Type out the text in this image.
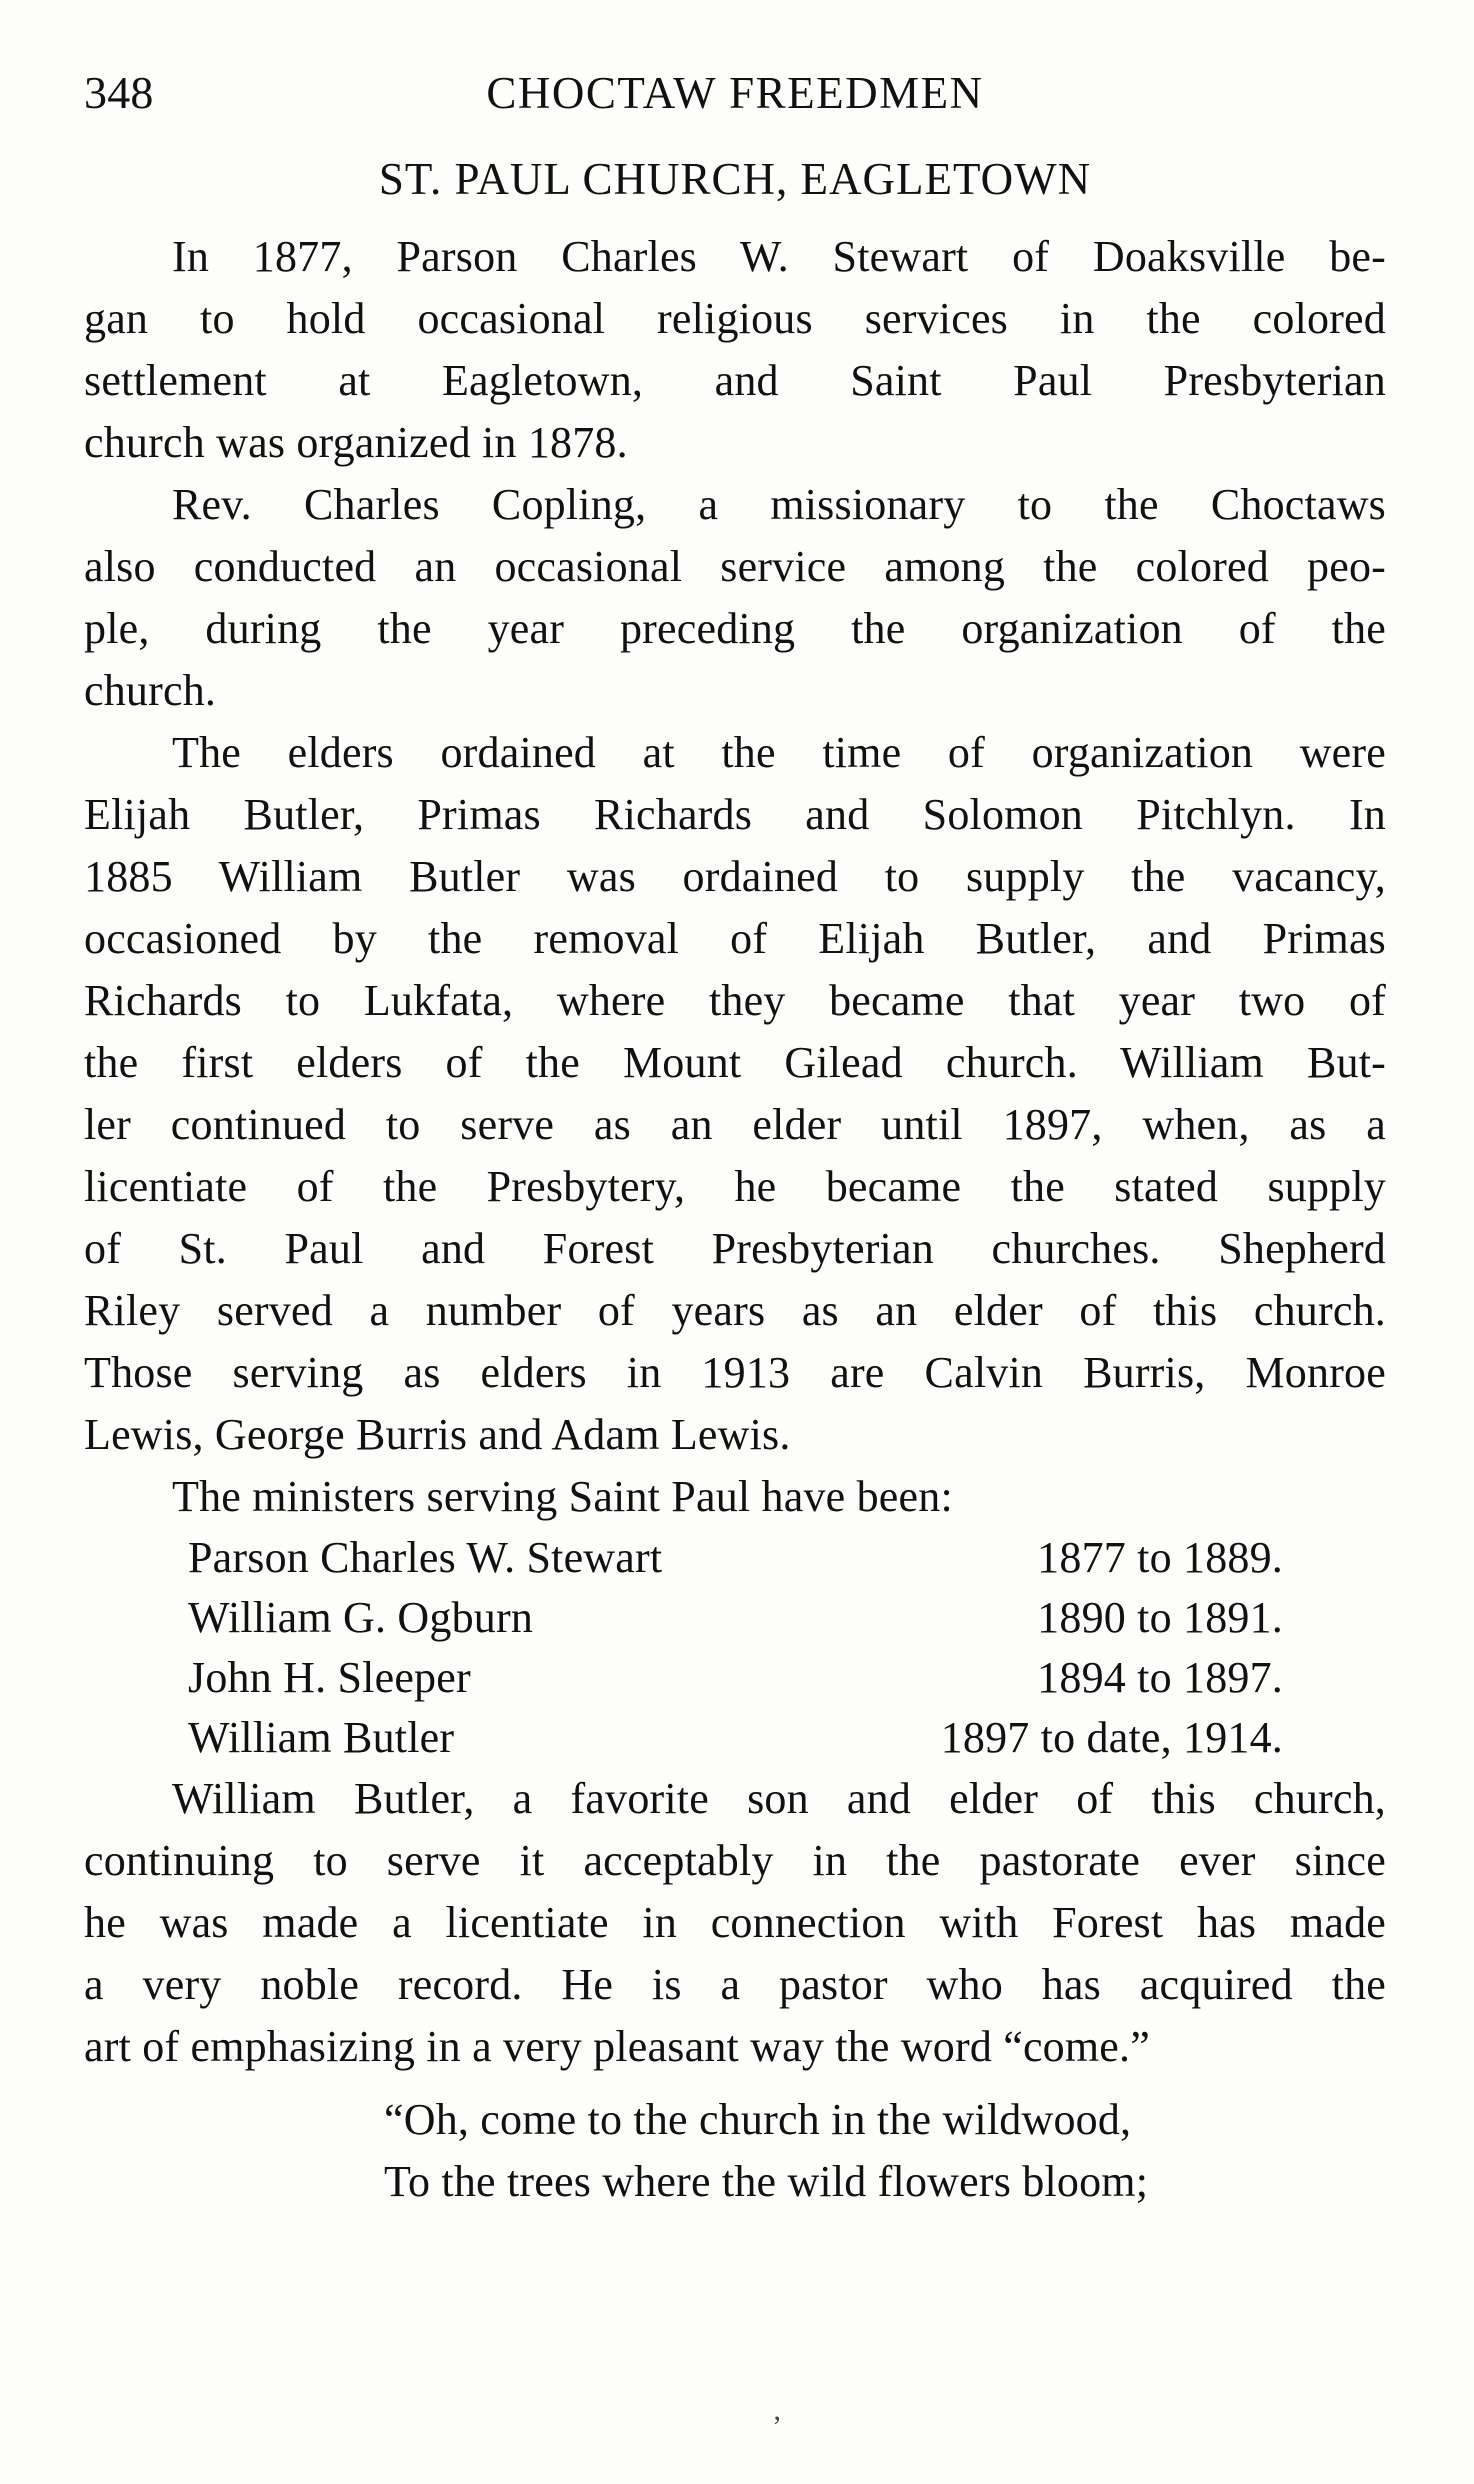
348	CHOCTAW FREEDMEN
ST. PAUL CHURCH, EAGLETOWN
In 1877, Parson Charles W. Stewart of Doaksville be-
gan to hold occasional religious services in the colored
settlement at Eagletown, and Saint Paul Presbyterian
church was organized in 1878.
Rev. Charles Copling, a missionary to the Choctaws
also conducted an occasional service among the colored peo-
ple, during the year preceding the organization of the
church.
The elders ordained at the time of organization were
Elijah Butler, Primas Richards and Solomon Pitchlyn. In
1885 William Butler was ordained to supply the vacancy,
occasioned by the removal of Elijah Butler, and Primas
Richards to Lukfata, where they became that year two of
the first elders of the Mount Gilead church. William But-
ler continued to serve as an elder until 1897, when, as a
licentiate of the Presbytery, he became the stated supply
of St. Paul and Forest Presbyterian churches. Shepherd
Riley served a number of years as an elder of this church.
Those serving as elders in 1913 are Calvin Burris, Monroe
Lewis, George Burris and Adam Lewis.
The ministers serving Saint Paul have been:
Parson Charles W. Stewart	1877 to 1889.
William G. Ogburn	1890 to 1891.
John H. Sleeper	1894 to 1897.
William Butler	1897 to date, 1914.
William Butler, a favorite son and elder of this church,
continuing to serve it acceptably in the pastorate ever since
he was made a licentiate in connection with Forest has made
a very noble record. He is a pastor who has acquired the
art of emphasizing in a very pleasant way the word “come.”
“Oh, come to the church in the wildwood,
To the trees where the wild flowers bloom;
’
